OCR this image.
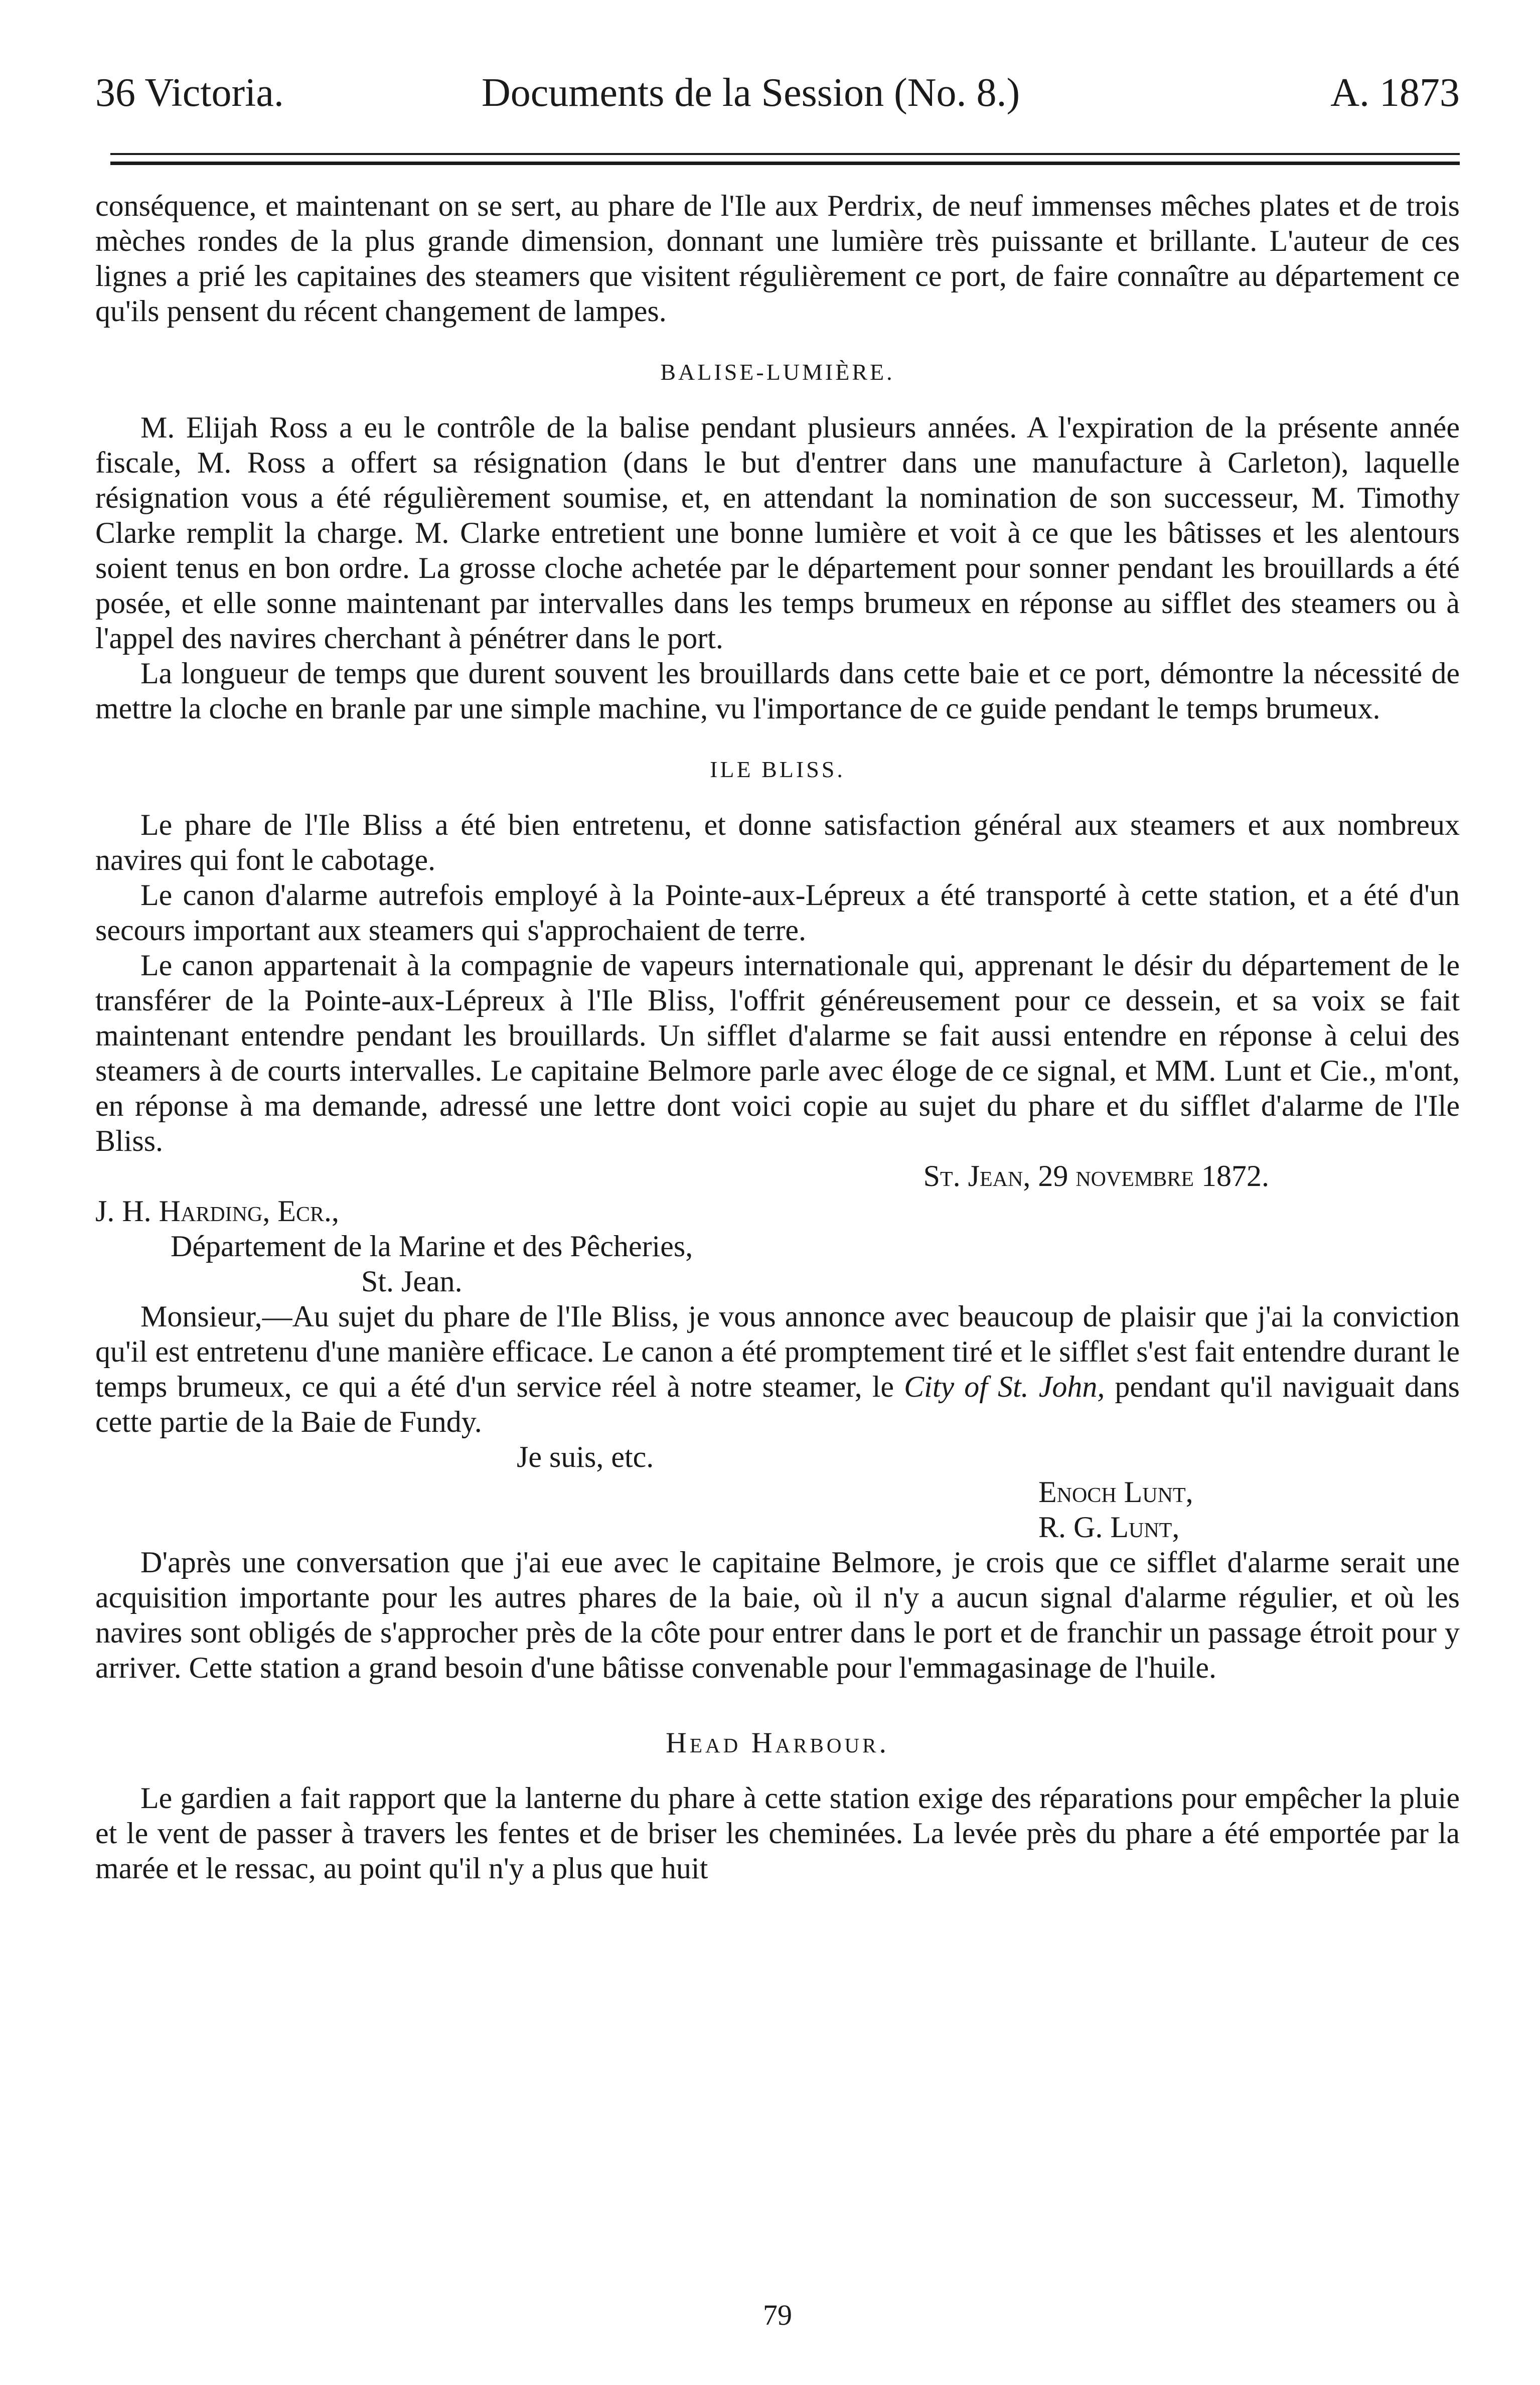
36 Victoria.	Documents de la Session (No. 8.)	A. 1873

conséquence, et maintenant on se sert, au phare de l'Ile aux Perdrix, de neuf immenses mêches plates et de trois mèches rondes de la plus grande dimension, donnant une lumière très puissante et brillante. L'auteur de ces lignes a prié les capitaines des steamers que visitent régulièrement ce port, de faire connaître au département ce qu'ils pensent du récent changement de lampes.

BALISE-LUMIÈRE.

M. Elijah Ross a eu le contrôle de la balise pendant plusieurs années. A l'expiration de la présente année fiscale, M. Ross a offert sa résignation (dans le but d'entrer dans une manufacture à Carleton), laquelle résignation vous a été régulièrement soumise, et, en attendant la nomination de son successeur, M. Timothy Clarke remplit la charge. M. Clarke entretient une bonne lumière et voit à ce que les bâtisses et les alentours soient tenus en bon ordre. La grosse cloche achetée par le département pour sonner pendant les brouillards a été posée, et elle sonne maintenant par intervalles dans les temps brumeux en réponse au sifflet des steamers ou à l'appel des navires cherchant à pénétrer dans le port.

La longueur de temps que durent souvent les brouillards dans cette baie et ce port, démontre la nécessité de mettre la cloche en branle par une simple machine, vu l'importance de ce guide pendant le temps brumeux.

ILE BLISS.

Le phare de l'Ile Bliss a été bien entretenu, et donne satisfaction général aux steamers et aux nombreux navires qui font le cabotage.

Le canon d'alarme autrefois employé à la Pointe-aux-Lépreux a été transporté à cette station, et a été d'un secours important aux steamers qui s'approchaient de terre.

Le canon appartenait à la compagnie de vapeurs internationale qui, apprenant le désir du département de le transférer de la Pointe-aux-Lépreux à l'Ile Bliss, l'offrit généreusement pour ce dessein, et sa voix se fait maintenant entendre pendant les brouillards. Un sifflet d'alarme se fait aussi entendre en réponse à celui des steamers à de courts intervalles. Le capitaine Belmore parle avec éloge de ce signal, et MM. Lunt et Cie., m'ont, en réponse à ma demande, adressé une lettre dont voici copie au sujet du phare et du sifflet d'alarme de l'Ile Bliss.

St. Jean, 29 novembre 1872.

J. H. Harding, Ecr.,

Département de la Marine et des Pêcheries,

St. Jean.

Monsieur,—Au sujet du phare de l'Ile Bliss, je vous annonce avec beaucoup de plaisir que j'ai la conviction qu'il est entretenu d'une manière efficace. Le canon a été promptement tiré et le sifflet s'est fait entendre durant le temps brumeux, ce qui a été d'un service réel à notre steamer, le City of St. John, pendant qu'il naviguait dans cette partie de la Baie de Fundy.

Je suis, etc.

Enoch Lunt,

R. G. Lunt,

D'après une conversation que j'ai eue avec le capitaine Belmore, je crois que ce sifflet d'alarme serait une acquisition importante pour les autres phares de la baie, où il n'y a aucun signal d'alarme régulier, et où les navires sont obligés de s'approcher près de la côte pour entrer dans le port et de franchir un passage étroit pour y arriver. Cette station a grand besoin d'une bâtisse convenable pour l'emmagasinage de l'huile.

Head Harbour.

Le gardien a fait rapport que la lanterne du phare à cette station exige des réparations pour empêcher la pluie et le vent de passer à travers les fentes et de briser les cheminées. La levée près du phare a été emportée par la marée et le ressac, au point qu'il n'y a plus que huit

79
